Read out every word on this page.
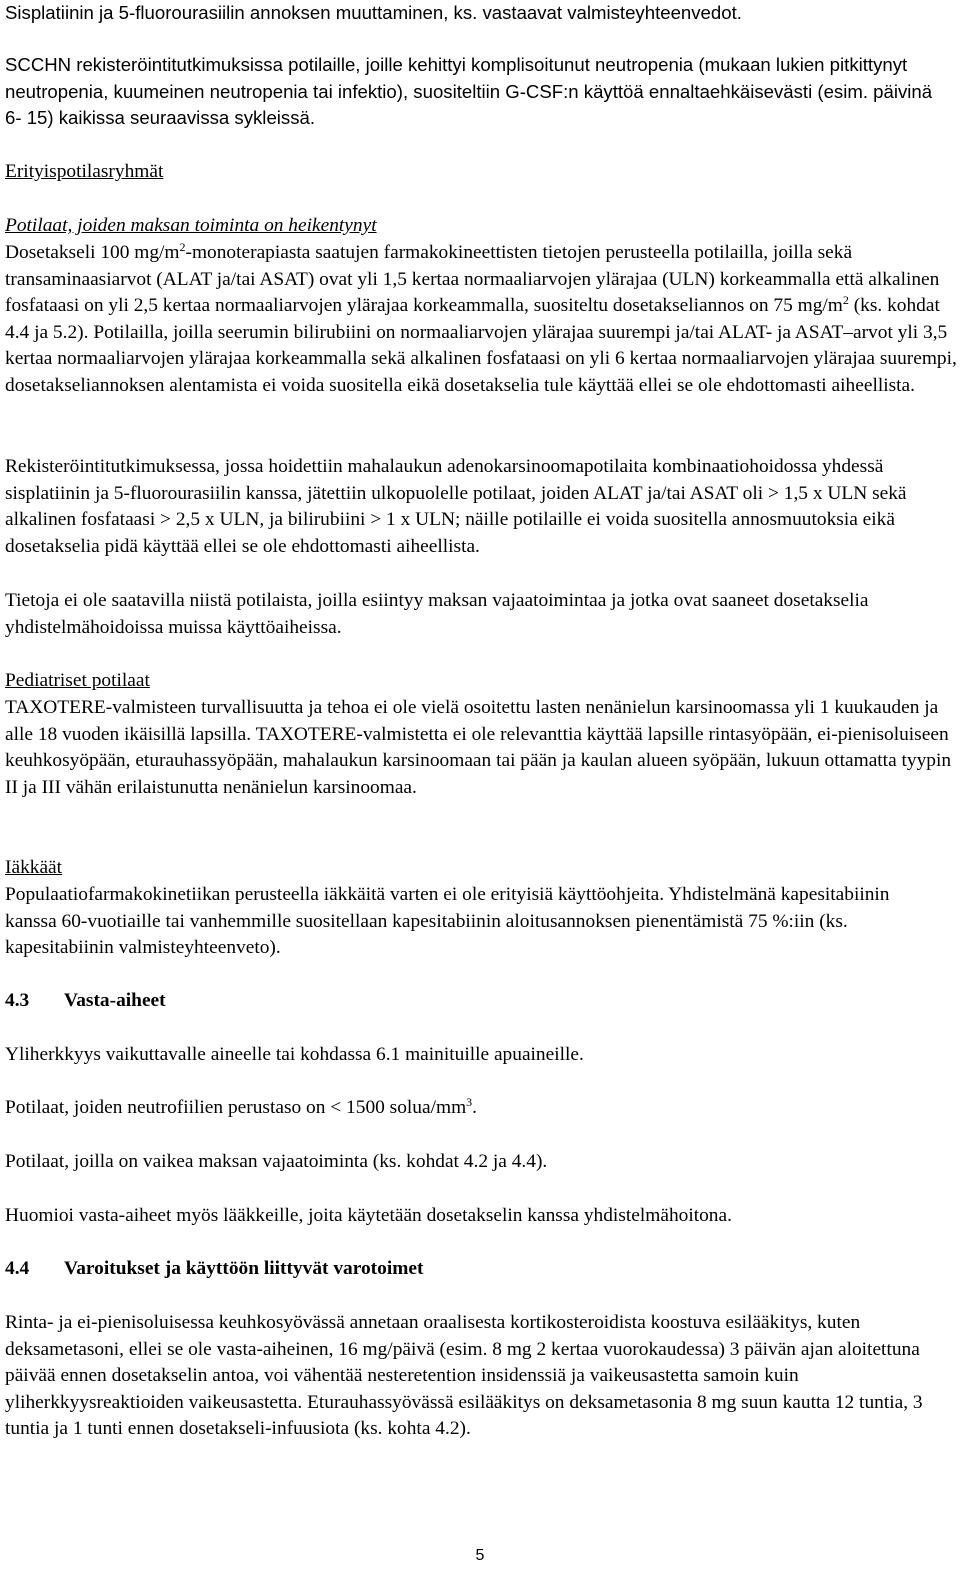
Sisplatiinin ja 5-fluorourasiilin annoksen muuttaminen, ks. vastaavat valmisteyhteenvedot.

SCCHN rekisteröintitutkimuksissa potilaille, joille kehittyi komplisoitunut neutropenia (mukaan lukien pitkittynyt neutropenia, kuumeinen neutropenia tai infektio), suositeltiin G-CSF:n käyttöä ennaltaehkäisevästi (esim. päivinä 6- 15) kaikissa seuraavissa sykleissä.

Erityispotilasryhmät

Potilaat, joiden maksan toiminta on heikentynyt

Dosetakseli 100 $mg/m^2$-monoterapiasta saatujen farmakokineettisten tietojen perusteella potilailla, joilla sekä transaminaasiarvot (ALAT ja/tai ASAT) ovat yli 1,5 kertaa normaaliarvojen ylärajaa (ULN) korkeammalla että alkalinen fosfataasi on yli 2,5 kertaa normaaliarvojen ylärajaa korkeammalla, suositeltu dosetakseliannos on 75 $mg/m^2$ (ks. kohdat 4.4 ja 5.2). Potilailla, joilla seerumin bilirubiini on normaaliarvojen ylärajaa suurempi ja/tai ALAT- ja ASAT–arvot yli 3,5 kertaa normaaliarvojen ylärajaa korkeammalla sekä alkalinen fosfataasi on yli 6 kertaa normaaliarvojen ylärajaa suurempi, dosetakseliannoksen alentamista ei voida suositella eikä dosetakselia tule käyttää ellei se ole ehdottomasti aiheellista.

Rekisteröintitutkimuksessa, jossa hoidettiin mahalaukun adenokarsinoomapotilaita kombinaatiohoidossa yhdessä sisplatiinin ja 5-fluorourasiilin kanssa, jätettiin ulkopuolelle potilaat, joiden ALAT ja/tai ASAT oli > 1,5 x ULN sekä alkalinen fosfataasi > 2,5 x ULN, ja bilirubiini > 1 x ULN; näille potilaille ei voida suositella annosmuutoksia eikä dosetakselia pidä käyttää ellei se ole ehdottomasti aiheellista.

Tietoja ei ole saatavilla niistä potilaista, joilla esiintyy maksan vajaatoimintaa ja jotka ovat saaneet dosetakselia yhdistelmähoidoissa muissa käyttöaiheissa.

Pediatriset potilaat

TAXOTERE-valmisteen turvallisuutta ja tehoa ei ole vielä osoitettu lasten nenänielun karsinoomassa yli 1 kuukauden ja alle 18 vuoden ikäisillä lapsilla. TAXOTERE-valmistetta ei ole relevanttia käyttää lapsille rintasyöpään, ei-pienisoluiseen keuhkosyöpään, eturauhassyöpään, mahalaukun karsinoomaan tai pään ja kaulan alueen syöpään, lukuun ottamatta tyypin II ja III vähän erilaistunutta nenänielun karsinoomaa.

Iäkkäät

Populaatiofarmakokinetiikan perusteella iäkkäitä varten ei ole erityisiä käyttöohjeita. Yhdistelmänä kapesitabiinin kanssa 60-vuotiaille tai vanhemmille suositellaan kapesitabiinin aloitusannoksen pienentämistä 75 %:iin (ks. kapesitabiinin valmisteyhteenveto).

4.3 Vasta-aiheet

Yliherkkyys vaikuttavalle aineelle tai kohdassa 6.1 mainituille apuaineille.

Potilaat, joiden neutrofiilien perustaso on < 1500 solua/$mm^3$.

Potilaat, joilla on vaikea maksan vajaatoiminta (ks. kohdat 4.2 ja 4.4).

Huomioi vasta-aiheet myös lääkkeille, joita käytetään dosetakselin kanssa yhdistelmähoitona.

4.4 Varoitukset ja käyttöön liittyvät varotoimet

Rinta- ja ei-pienisoluisessa keuhkosyövässä annetaan oraalisesta kortikosteroidista koostuva esilääkitys, kuten deksametasoni, ellei se ole vasta-aiheinen, 16 mg/päivä (esim. 8 mg 2 kertaa vuorokaudessa) 3 päivän ajan aloitettuna päivää ennen dosetakselin antoa, voi vähentää nesteretention insidenssiä ja vaikeusastetta samoin kuin yliherkkyysreaktioiden vaikeusastetta. Eturauhassyövässä esilääkitys on deksametasonia 8 mg suun kautta 12 tuntia, 3 tuntia ja 1 tunti ennen dosetakseli-infuusiota (ks. kohta 4.2).

5
